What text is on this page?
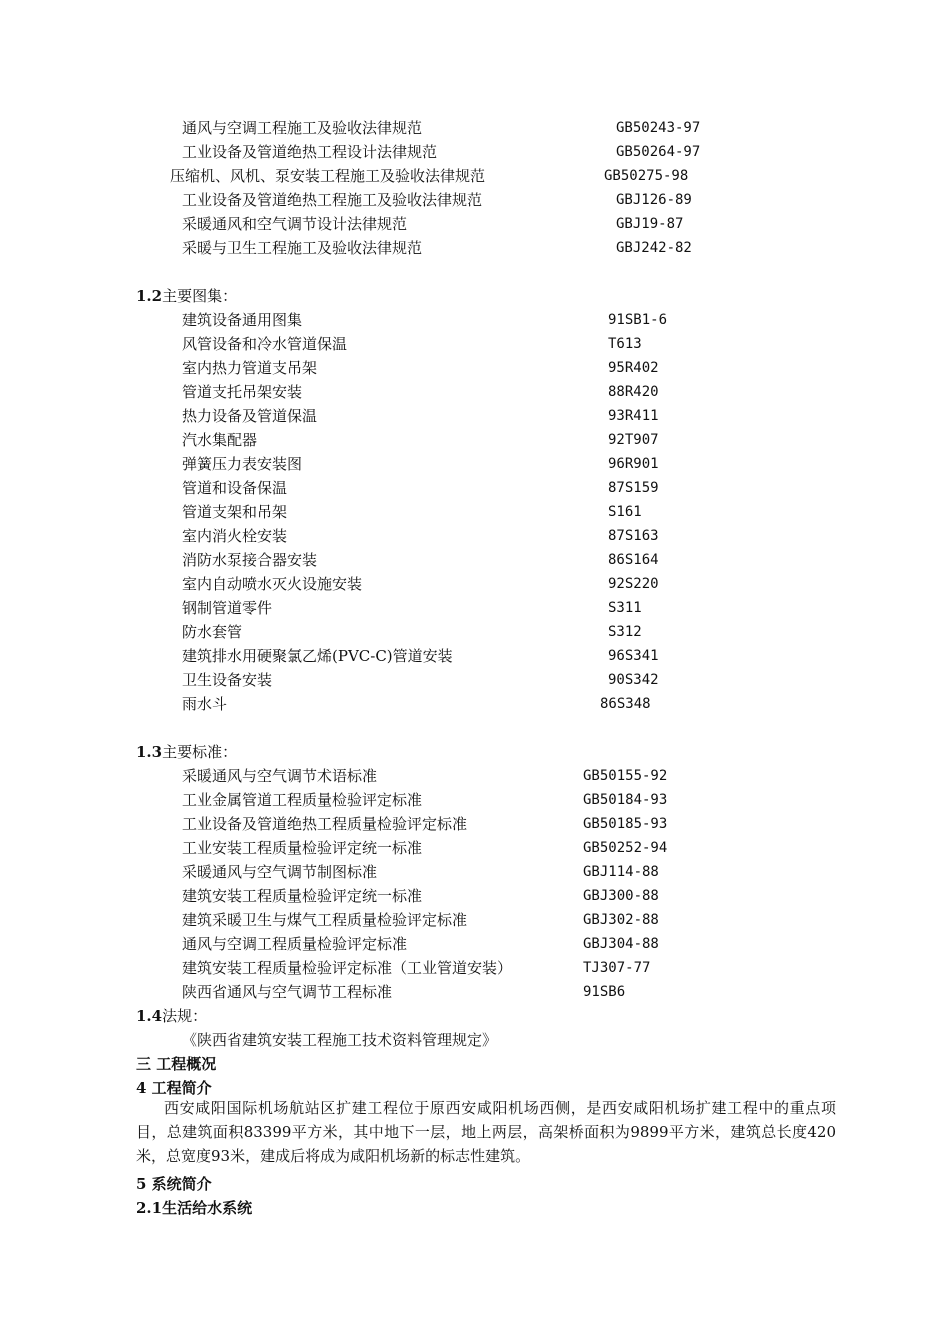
通风与空调工程施工及验收法律规范	GB50243-97
工业设备及管道绝热工程设计法律规范	GB50264-97
压缩机、风机、泵安装工程施工及验收法律规范	GB50275-98
工业设备及管道绝热工程施工及验收法律规范	GBJ126-89
采暖通风和空气调节设计法律规范	GBJ19-87
采暖与卫生工程施工及验收法律规范	GBJ242-82
1.2主要图集：
建筑设备通用图集	91SB1-6
风管设备和冷水管道保温	T613
室内热力管道支吊架	95R402
管道支托吊架安装	88R420
热力设备及管道保温	93R411
汽水集配器	92T907
弹簧压力表安装图	96R901
管道和设备保温	87S159
管道支架和吊架	S161
室内消火栓安装	87S163
消防水泵接合器安装	86S164
室内自动喷水灭火设施安装	92S220
钢制管道零件	S311
防水套管	S312
建筑排水用硬聚氯乙烯(PVC-C)管道安装	96S341
卫生设备安装	90S342
雨水斗	86S348
1.3主要标准：
采暖通风与空气调节术语标准	GB50155-92
工业金属管道工程质量检验评定标准	GB50184-93
工业设备及管道绝热工程质量检验评定标准	GB50185-93
工业安装工程质量检验评定统一标准	GB50252-94
采暖通风与空气调节制图标准	GBJ114-88
建筑安装工程质量检验评定统一标准	GBJ300-88
建筑采暖卫生与煤气工程质量检验评定标准	GBJ302-88
通风与空调工程质量检验评定标准	GBJ304-88
建筑安装工程质量检验评定标准（工业管道安装）	TJ307-77
陕西省通风与空气调节工程标准	91SB6
1.4法规：
《陕西省建筑安装工程施工技术资料管理规定》
三 工程概况
4 工程简介

西安咸阳国际机场航站区扩建工程位于原西安咸阳机场西侧，是西安咸阳机场扩建工程中的重点项目，总建筑面积83399平方米，其中地下一层，地上两层，高架桥面积为9899平方米，建筑总长度420米，总宽度93米，建成后将成为咸阳机场新的标志性建筑。

5 系统简介
2.1生活给水系统
